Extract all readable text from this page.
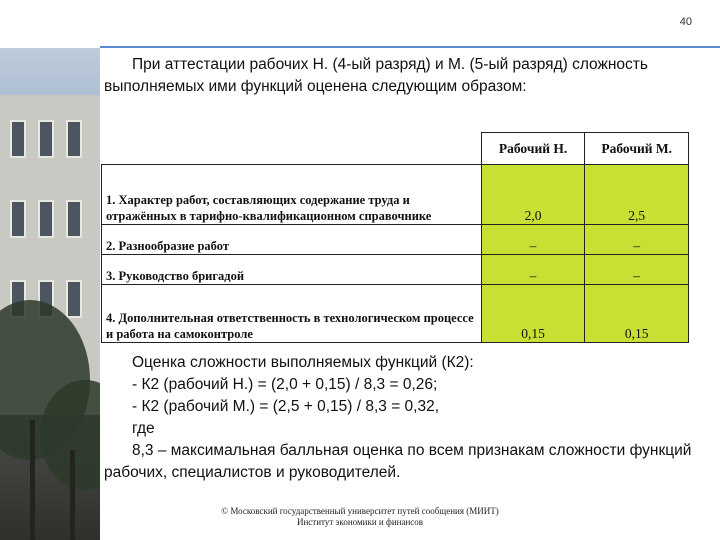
40
При аттестации рабочих Н. (4-ый разряд) и М. (5-ый разряд) сложность выполняемых ими функций оценена следующим образом:
	Рабочий Н.	Рабочий М.
1. Характер работ, составляющих содержание труда и отражённых в тарифно-квалификационном справочнике	2,0	2,5
2. Разнообразие работ	–	–
3. Руководство бригадой	–	–
4. Дополнительная ответственность в технологическом процессе и работа на самоконтроле	0,15	0,15
Оценка сложности выполняемых функций (К2):
- К2 (рабочий Н.) = (2,0 + 0,15) / 8,3 = 0,26;
- К2 (рабочий М.) = (2,5 + 0,15) / 8,3 = 0,32,
где
8,3 – максимальная балльная оценка по всем признакам сложности функций рабочих, специалистов и руководителей.
© Московский государственный университет путей сообщения (МИИТ)
Институт экономики и финансов
